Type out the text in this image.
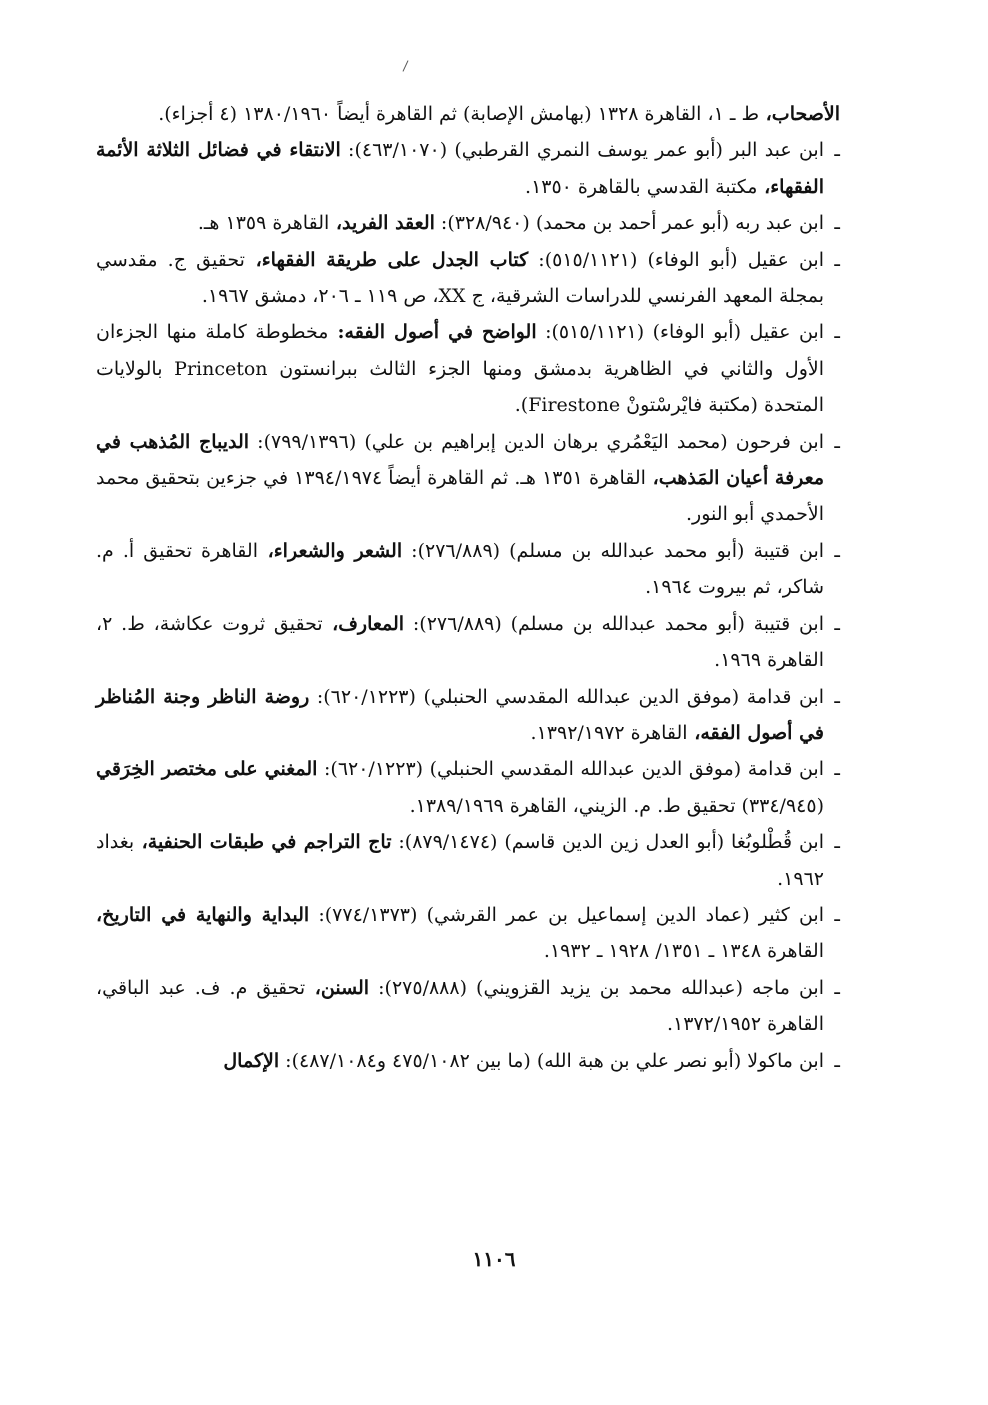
الأصحاب، ط ـ ١، القاهرة ١٣٢٨ (بهامش الإصابة) ثم القاهرة أيضاً ١٣٨٠/١٩٦٠ (٤ أجزاء).

ـ
ابن عبد البر (أبو عمر يوسف النمري القرطبي) (٤٦٣/١٠٧٠): الانتقاء في فضائل الثلاثة الأئمة الفقهاء، مكتبة القدسي بالقاهرة ١٣٥٠.

ـ
ابن عبد ربه (أبو عمر أحمد بن محمد) (٣٢٨/٩٤٠): العقد الفريد، القاهرة ١٣٥٩ هـ.

ـ
ابن عقيل (أبو الوفاء) (٥١٥/١١٢١): كتاب الجدل على طريقة الفقهاء، تحقيق ج. مقدسي بمجلة المعهد الفرنسي للدراسات الشرقية، ج XX، ص ١١٩ ـ ٢٠٦، دمشق ١٩٦٧.

ـ
ابن عقيل (أبو الوفاء) (٥١٥/١١٢١): الواضح في أصول الفقه: مخطوطة كاملة منها الجزءان الأول والثاني في الظاهرية بدمشق ومنها الجزء الثالث ببرانستون Princeton بالولايات المتحدة (مكتبة فايْرسْتونْ Firestone).

ـ
ابن فرحون (محمد اليَعْمُري برهان الدين إبراهيم بن علي) (٧٩٩/١٣٩٦): الديباج المُذهب في معرفة أعيان المَذهب، القاهرة ١٣٥١ هـ. ثم القاهرة أيضاً ١٣٩٤/١٩٧٤ في جزءين بتحقيق محمد الأحمدي أبو النور.

ـ
ابن قتيبة (أبو محمد عبدالله بن مسلم) (٢٧٦/٨٨٩): الشعر والشعراء، القاهرة تحقيق أ. م. شاكر، ثم بيروت ١٩٦٤.

ـ
ابن قتيبة (أبو محمد عبدالله بن مسلم) (٢٧٦/٨٨٩): المعارف، تحقيق ثروت عكاشة، ط. ٢، القاهرة ١٩٦٩.

ـ
ابن قدامة (موفق الدين عبدالله المقدسي الحنبلي) (٦٢٠/١٢٢٣): روضة الناظر وجنة المُناظر في أصول الفقه، القاهرة ١٣٩٢/١٩٧٢.

ـ
ابن قدامة (موفق الدين عبدالله المقدسي الحنبلي) (٦٢٠/١٢٢٣): المغني على مختصر الخِرَقي (٣٣٤/٩٤٥) تحقيق ط. م. الزيني، القاهرة ١٣٨٩/١٩٦٩.

ـ
ابن قُطْلوبُغا (أبو العدل زين الدين قاسم) (٨٧٩/١٤٧٤): تاج التراجم في طبقات الحنفية، بغداد ١٩٦٢.

ـ
ابن كثير (عماد الدين إسماعيل بن عمر القرشي) (٧٧٤/١٣٧٣): البداية والنهاية في التاريخ، القاهرة ١٣٤٨ ـ ١٣٥١/ ١٩٢٨ ـ ١٩٣٢.

ـ
ابن ماجه (عبدالله محمد بن يزيد القزويني) (٢٧٥/٨٨٨): السنن، تحقيق م. ف. عبد الباقي، القاهرة ١٣٧٢/١٩٥٢.

ـ
ابن ماكولا (أبو نصر علي بن هبة الله) (ما بين ٤٧٥/١٠٨٢ و٤٨٧/١٠٨٤): الإكمال

١١٠٦
